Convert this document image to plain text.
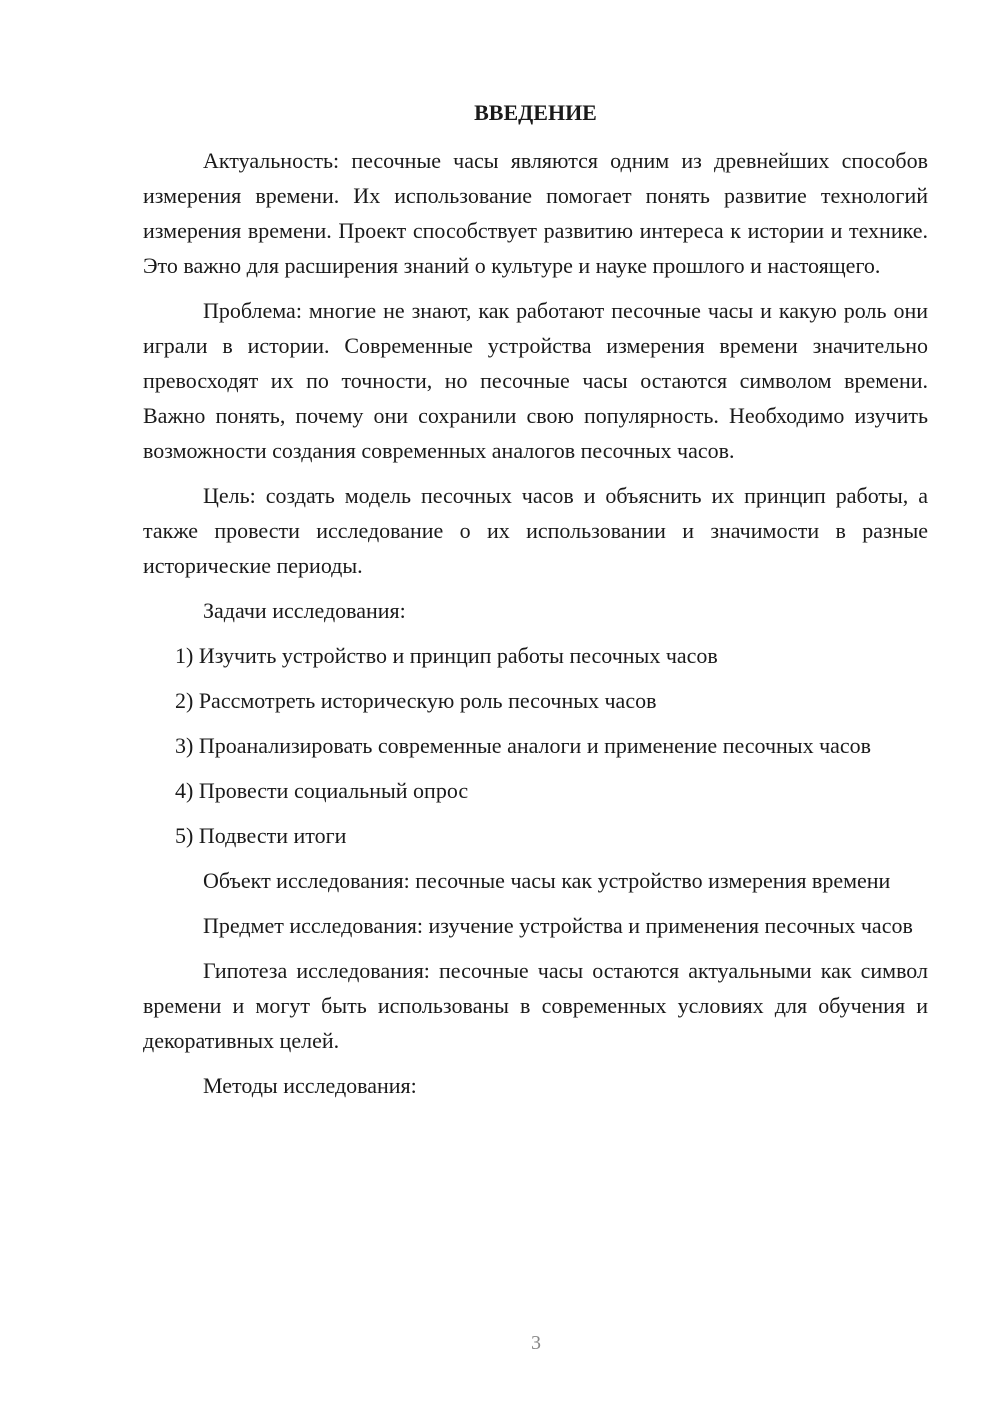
ВВЕДЕНИЕ

Актуальность: песочные часы являются одним из древнейших способов измерения времени. Их использование помогает понять развитие технологий измерения времени. Проект способствует развитию интереса к истории и технике. Это важно для расширения знаний о культуре и науке прошлого и настоящего.

Проблема: многие не знают, как работают песочные часы и какую роль они играли в истории. Современные устройства измерения времени значительно превосходят их по точности, но песочные часы остаются символом времени. Важно понять, почему они сохранили свою популярность. Необходимо изучить возможности создания современных аналогов песочных часов.

Цель: создать модель песочных часов и объяснить их принцип работы, а также провести исследование о их использовании и значимости в разные исторические периоды.

Задачи исследования:

1) Изучить устройство и принцип работы песочных часов

2) Рассмотреть историческую роль песочных часов

3) Проанализировать современные аналоги и применение песочных часов

4) Провести социальный опрос

5) Подвести итоги

Объект исследования: песочные часы как устройство измерения времени

Предмет исследования: изучение устройства и применения песочных часов

Гипотеза исследования: песочные часы остаются актуальными как символ времени и могут быть использованы в современных условиях для обучения и декоративных целей.

Методы исследования:

3
